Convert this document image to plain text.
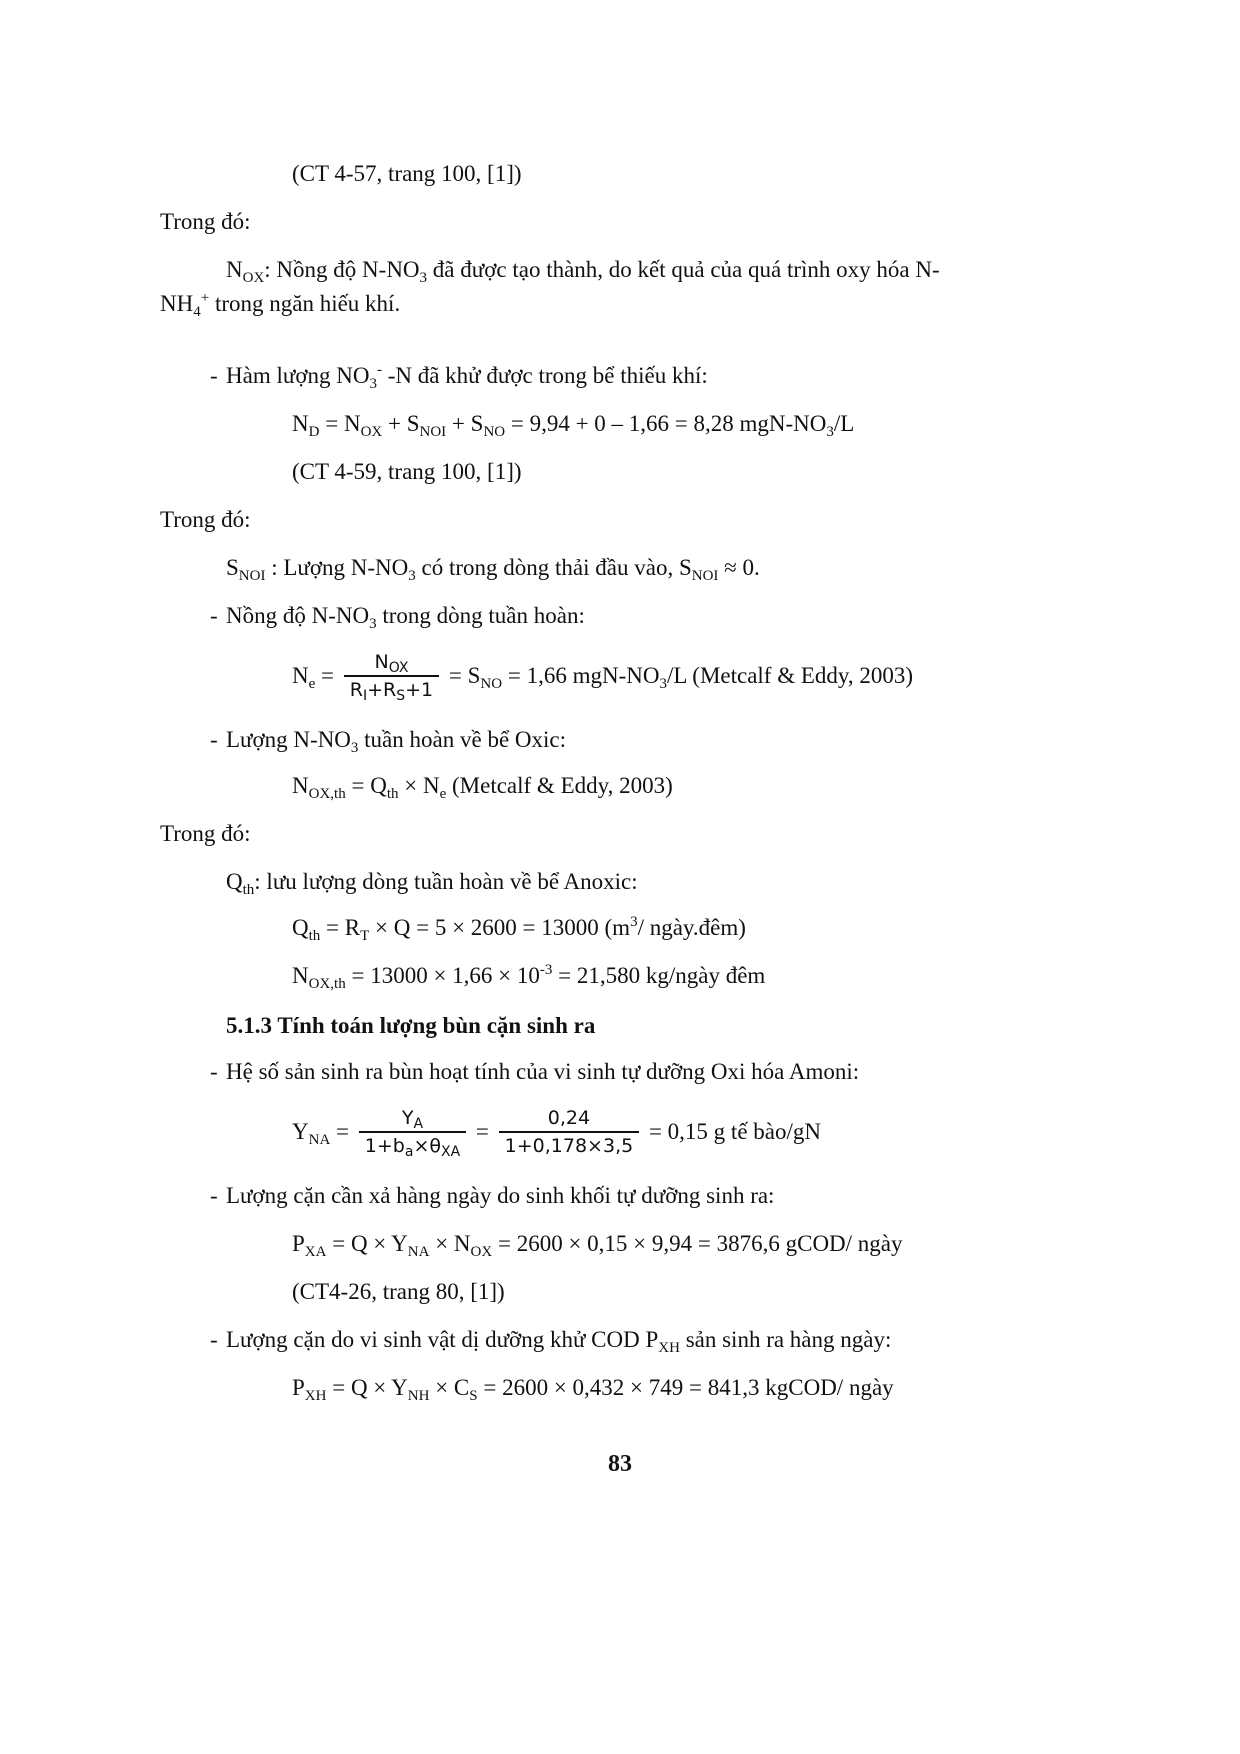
(CT 4-57, trang 100, [1])
Trong đó:
$N_{OX}$: Nồng độ $N-NO_3$ đã được tạo thành, do kết quả của quá trình oxy hóa N-
$NH_4^+$ trong ngăn hiếu khí.
- Hàm lượng $NO_3^-$ -N đã khử được trong bể thiếu khí:
$N_D = N_{OX} + S_{NOI} + S_{NO} = 9,94 + 0 - 1,66 = 8,28$ mgN-$NO_3/L$
(CT 4-59, trang 100, [1])
Trong đó:
$S_{NOI}$ : Lượng $N-NO_3$ có trong dòng thải đầu vào, $S_{NOI} \approx 0$.
- Nồng độ $N-NO_3$ trong dòng tuần hoàn:
$N_e = \frac{N_{OX}}{R_I+R_S+1} = S_{NO} = 1,66$ mgN-$NO_3/L$ (Metcalf & Eddy, 2003)
- Lượng $N-NO_3$ tuần hoàn về bể Oxic:
$N_{OX,th} = Q_{th} \times N_e$ (Metcalf & Eddy, 2003)
Trong đó:
$Q_{th}$: lưu lượng dòng tuần hoàn về bể Anoxic:
$Q_{th} = R_T \times Q = 5 \times 2600 = 13000$ ($m^3/$ ngày.đêm)
$N_{OX,th} = 13000 \times 1,66 \times 10^{-3} = 21,580$ kg/ngày đêm
5.1.3 Tính toán lượng bùn cặn sinh ra
- Hệ số sản sinh ra bùn hoạt tính của vi sinh tự dưỡng Oxi hóa Amoni:
$Y_{NA} = \frac{Y_A}{1+b_a\times\theta_{XA}} = \frac{0,24}{1+0,178\times 3,5} = 0,15$ g tế bào/gN
- Lượng cặn cần xả hàng ngày do sinh khối tự dưỡng sinh ra:
$P_{XA} = Q \times Y_{NA} \times N_{OX} = 2600 \times 0,15 \times 9,94 = 3876,6$ gCOD/ ngày
(CT4-26, trang 80, [1])
- Lượng cặn do vi sinh vật dị dưỡng khử COD $P_{XH}$ sản sinh ra hàng ngày:
$P_{XH} = Q \times Y_{NH} \times C_S = 2600 \times 0,432 \times 749 = 841,3$ kgCOD/ ngày
83
